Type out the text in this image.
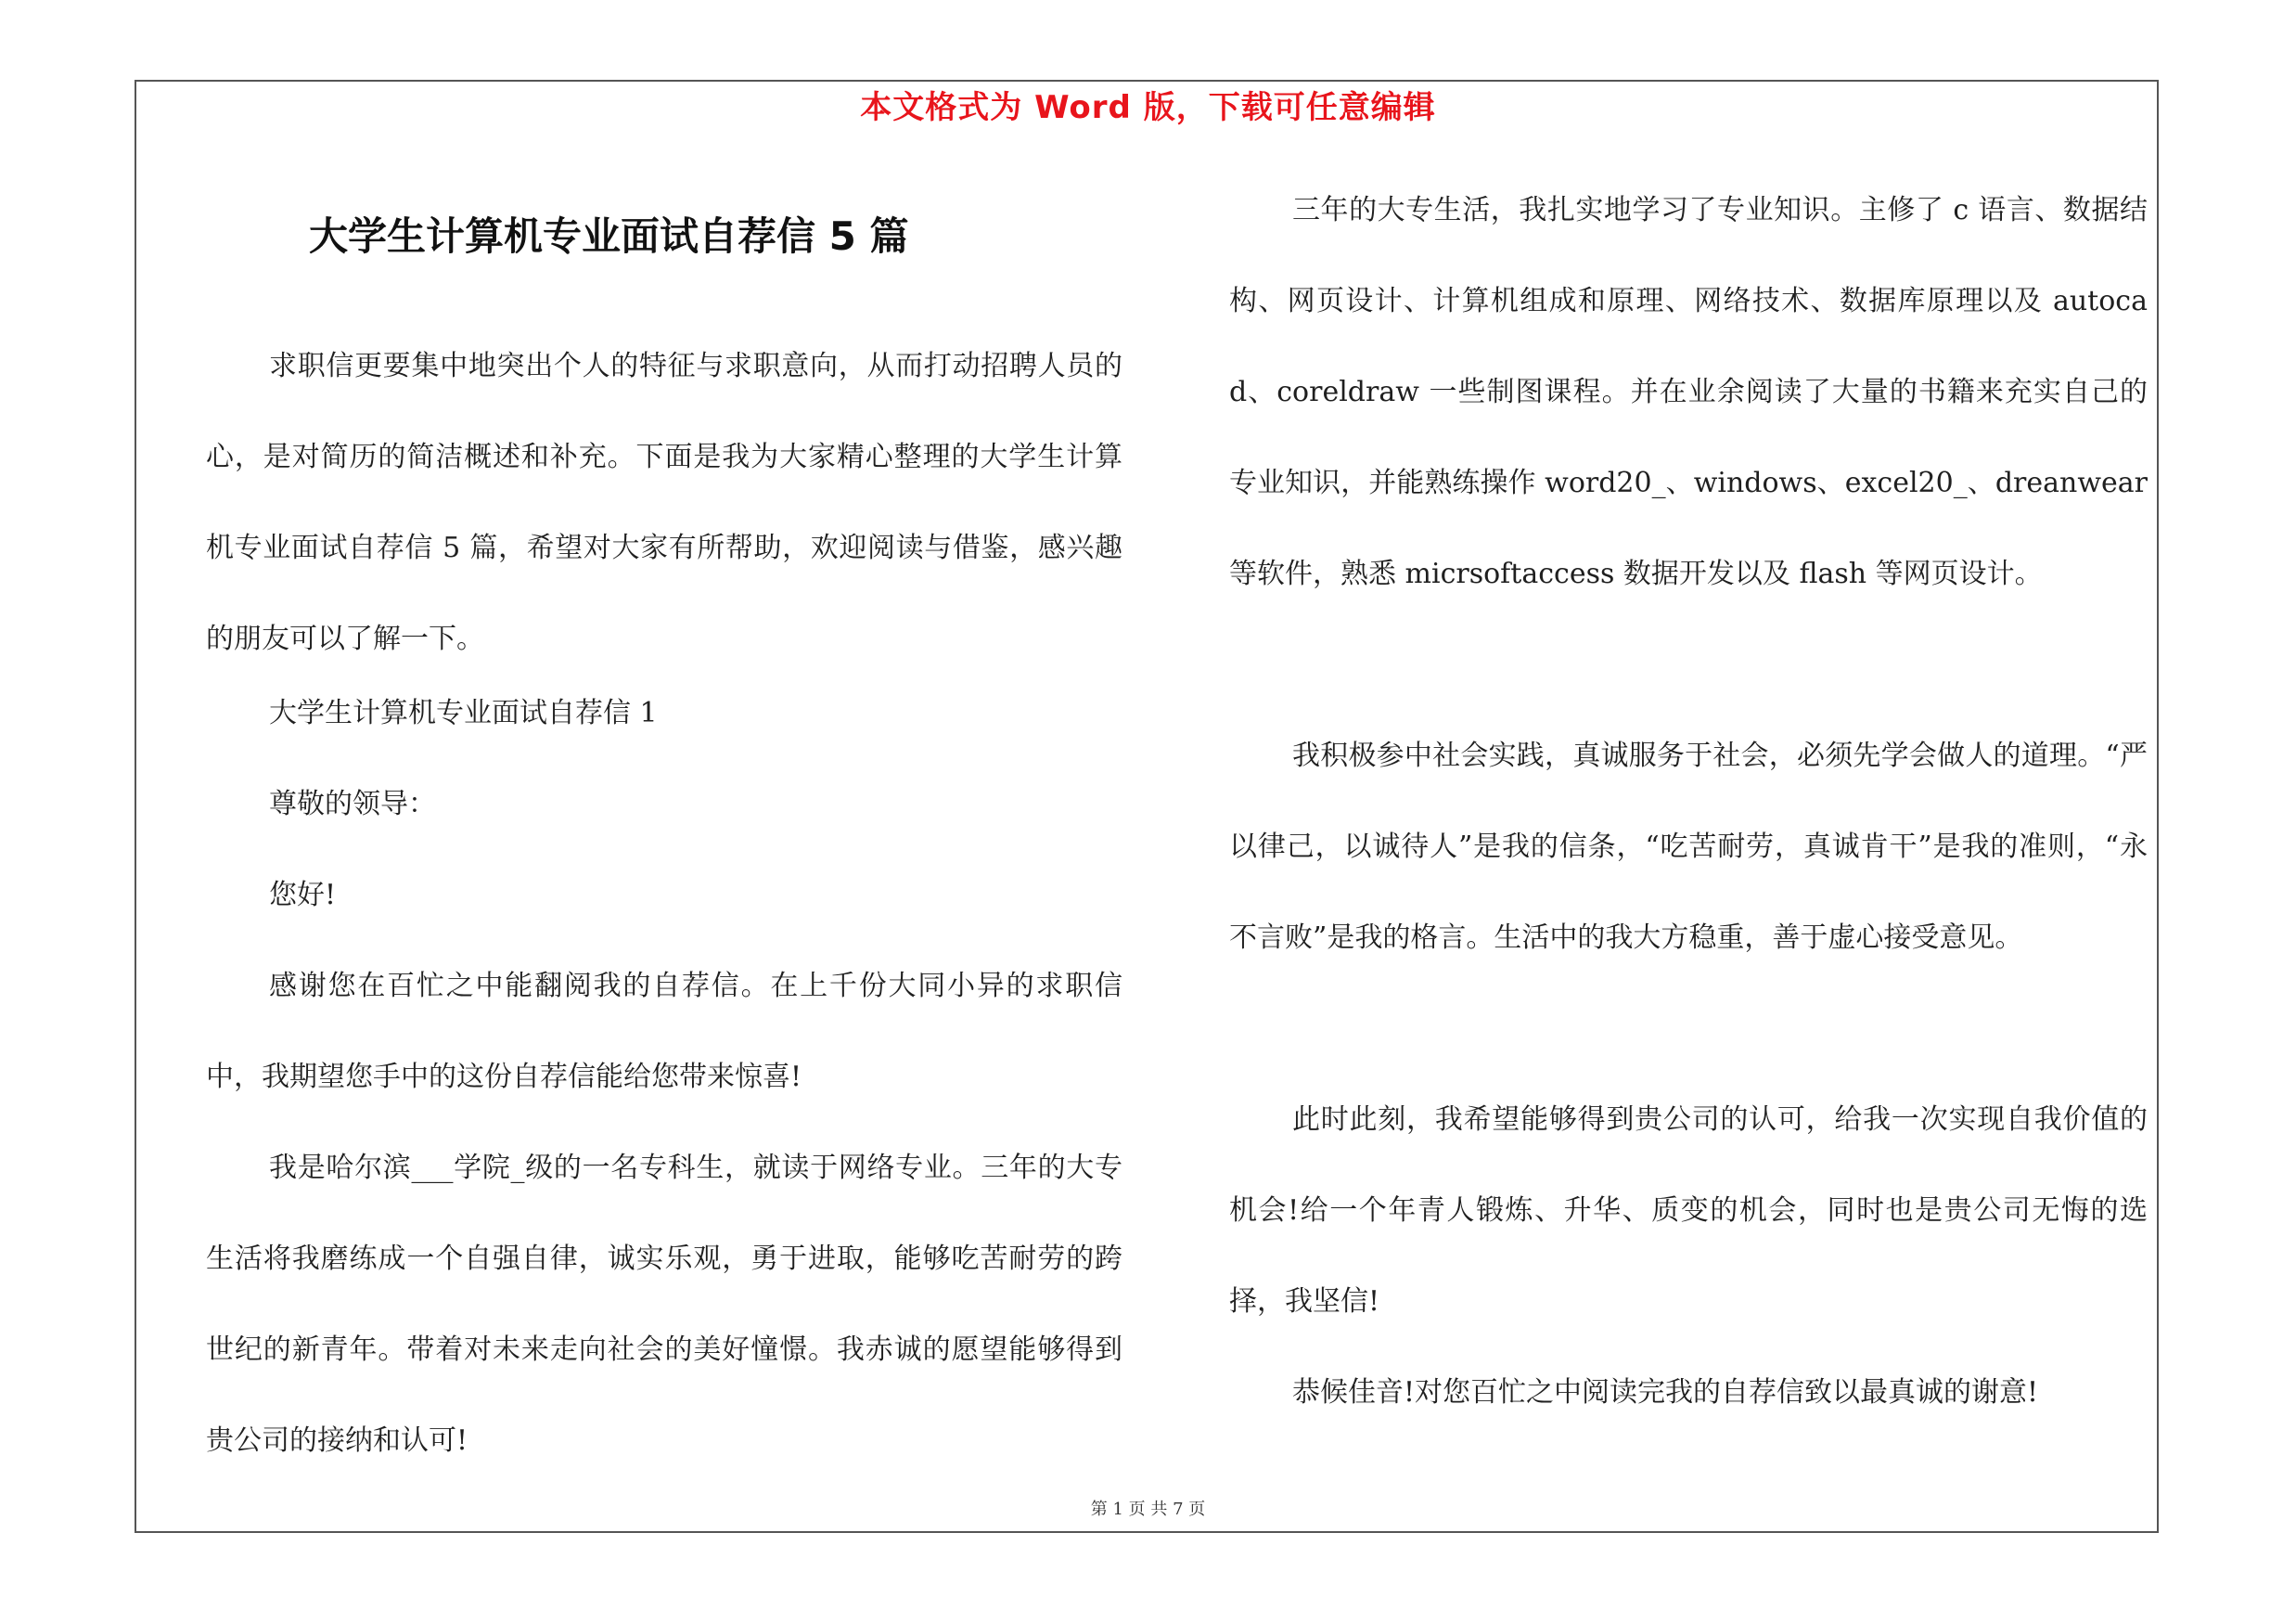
本文格式为 Word 版，下载可任意编辑
大学生计算机专业面试自荐信 5 篇

求职信更要集中地突出个人的特征与求职意向，从而打动招聘人员的心，是对简历的简洁概述和补充。下面是我为大家精心整理的大学生计算机专业面试自荐信 5 篇，希望对大家有所帮助，欢迎阅读与借鉴，感兴趣的朋友可以了解一下。

大学生计算机专业面试自荐信 1

尊敬的领导：

您好!

感谢您在百忙之中能翻阅我的自荐信。在上千份大同小异的求职信中，我期望您手中的这份自荐信能给您带来惊喜!

我是哈尔滨___学院_级的一名专科生，就读于网络专业。三年的大专生活将我磨练成一个自强自律，诚实乐观，勇于进取，能够吃苦耐劳的跨世纪的新青年。带着对未来走向社会的美好憧憬。我赤诚的愿望能够得到贵公司的接纳和认可!

三年的大专生活，我扎实地学习了专业知识。主修了 c 语言、数据结构、网页设计、计算机组成和原理、网络技术、数据库原理以及 autocad、coreldraw 一些制图课程。并在业余阅读了大量的书籍来充实自己的专业知识，并能熟练操作 word20_、windows、excel20_、dreanwear 等软件，熟悉 micrsoftaccess 数据开发以及 flash 等网页设计。

我积极参中社会实践，真诚服务于社会，必须先学会做人的道理。“严以律己，以诚待人”是我的信条，“吃苦耐劳，真诚肯干”是我的准则，“永不言败”是我的格言。生活中的我大方稳重，善于虚心接受意见。

此时此刻，我希望能够得到贵公司的认可，给我一次实现自我价值的机会!给一个年青人锻炼、升华、质变的机会，同时也是贵公司无悔的选择，我坚信!

恭候佳音!对您百忙之中阅读完我的自荐信致以最真诚的谢意!

第 1 页 共 7 页
